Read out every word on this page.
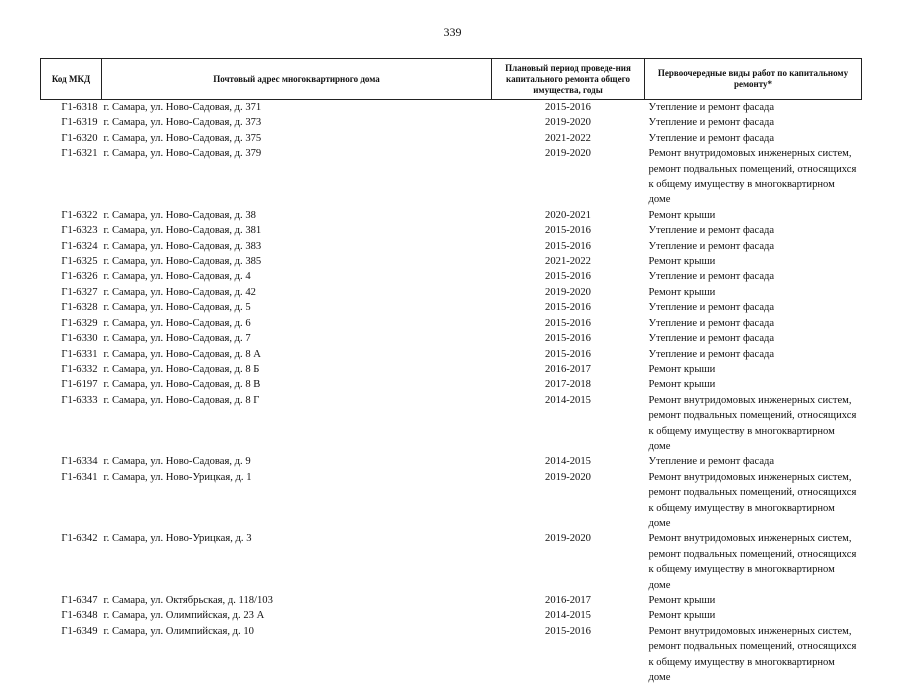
339
Код МКД	Почтовый адрес многоквартирного дома	Плановый период проведе-ния капитального ремонта общего имущества, годы	Первоочередные виды работ по капитальному ремонту*
Г1-6318	г. Самара, ул. Ново-Садовая, д. 371	2015-2016	Утепление и ремонт фасада
Г1-6319	г. Самара, ул. Ново-Садовая, д. 373	2019-2020	Утепление и ремонт фасада
Г1-6320	г. Самара, ул. Ново-Садовая, д. 375	2021-2022	Утепление и ремонт фасада
Г1-6321	г. Самара, ул. Ново-Садовая, д. 379	2019-2020	Ремонт внутридомовых инженерных систем, ремонт подвальных помещений, относящихся к общему имуществу в многоквартирном доме
Г1-6322	г. Самара, ул. Ново-Садовая, д. 38	2020-2021	Ремонт крыши
Г1-6323	г. Самара, ул. Ново-Садовая, д. 381	2015-2016	Утепление и ремонт фасада
Г1-6324	г. Самара, ул. Ново-Садовая, д. 383	2015-2016	Утепление и ремонт фасада
Г1-6325	г. Самара, ул. Ново-Садовая, д. 385	2021-2022	Ремонт крыши
Г1-6326	г. Самара, ул. Ново-Садовая, д. 4	2015-2016	Утепление и ремонт фасада
Г1-6327	г. Самара, ул. Ново-Садовая, д. 42	2019-2020	Ремонт крыши
Г1-6328	г. Самара, ул. Ново-Садовая, д. 5	2015-2016	Утепление и ремонт фасада
Г1-6329	г. Самара, ул. Ново-Садовая, д. 6	2015-2016	Утепление и ремонт фасада
Г1-6330	г. Самара, ул. Ново-Садовая, д. 7	2015-2016	Утепление и ремонт фасада
Г1-6331	г. Самара, ул. Ново-Садовая, д. 8 А	2015-2016	Утепление и ремонт фасада
Г1-6332	г. Самара, ул. Ново-Садовая, д. 8 Б	2016-2017	Ремонт крыши
Г1-6197	г. Самара, ул. Ново-Садовая, д. 8 В	2017-2018	Ремонт крыши
Г1-6333	г. Самара, ул. Ново-Садовая, д. 8 Г	2014-2015	Ремонт внутридомовых инженерных систем, ремонт подвальных помещений, относящихся к общему имуществу в многоквартирном доме
Г1-6334	г. Самара, ул. Ново-Садовая, д. 9	2014-2015	Утепление и ремонт фасада
Г1-6341	г. Самара, ул. Ново-Урицкая, д. 1	2019-2020	Ремонт внутридомовых инженерных систем, ремонт подвальных помещений, относящихся к общему имуществу в многоквартирном доме
Г1-6342	г. Самара, ул. Ново-Урицкая, д. 3	2019-2020	Ремонт внутридомовых инженерных систем, ремонт подвальных помещений, относящихся к общему имуществу в многоквартирном доме
Г1-6347	г. Самара, ул. Октябрьская, д. 118/103	2016-2017	Ремонт крыши
Г1-6348	г. Самара, ул. Олимпийская, д. 23 А	2014-2015	Ремонт крыши
Г1-6349	г. Самара, ул. Олимпийская, д. 10	2015-2016	Ремонт внутридомовых инженерных систем, ремонт подвальных помещений, относящихся к общему имуществу в многоквартирном доме
